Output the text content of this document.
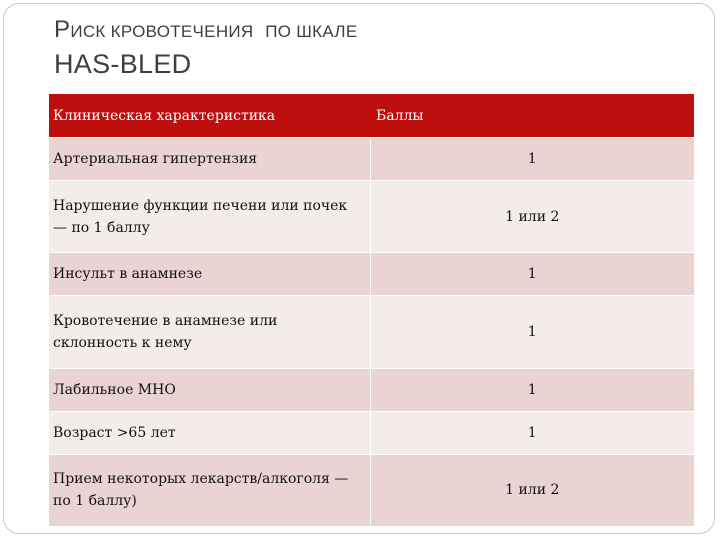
РИСК КРОВОТЕЧЕНИЯ ПО ШКАЛЕ
HAS-BLED
Клиническая характеристика	Баллы
Артериальная гипертензия	1
Нарушение функции печени или почек — по 1 баллу	1 или 2
Инсульт в анамнезе	1
Кровотечение в анамнезе или склонность к нему	1
Лабильное МНО	1
Возраст >65 лет	1
Прием некоторых лекарств/алкоголя — по 1 баллу)	1 или 2
